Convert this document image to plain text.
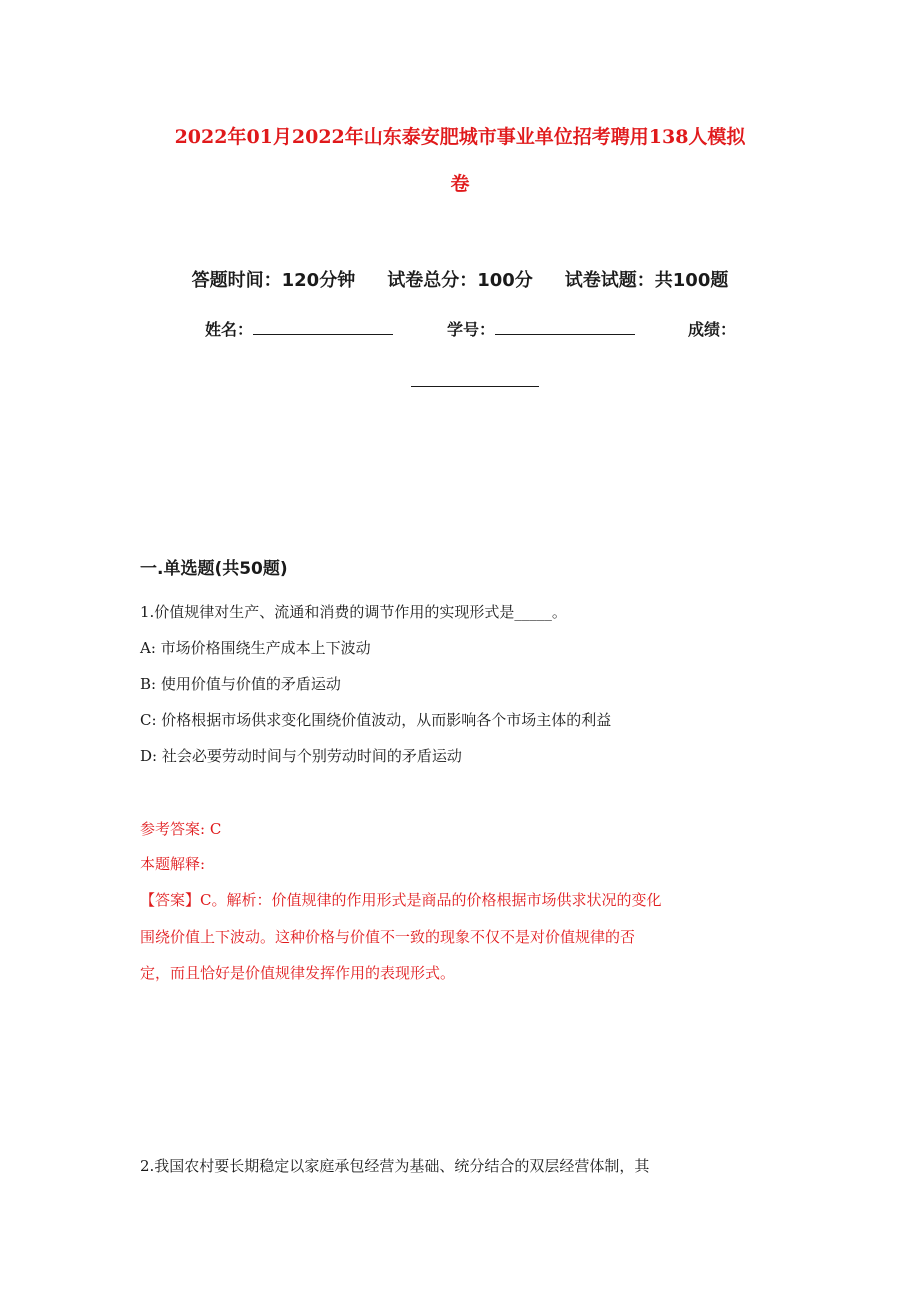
2022年01月2022年山东泰安肥城市事业单位招考聘用138人模拟
卷
答题时间：120分钟 试卷总分：100分 试卷试题：共100题
姓名：	学号：	成绩：
一.单选题(共50题)
1.价值规律对生产、流通和消费的调节作用的实现形式是_____。
A: 市场价格围绕生产成本上下波动
B: 使用价值与价值的矛盾运动
C: 价格根据市场供求变化围绕价值波动，从而影响各个市场主体的利益
D: 社会必要劳动时间与个别劳动时间的矛盾运动
参考答案: C
本题解释:
【答案】C。解析：价值规律的作用形式是商品的价格根据市场供求状况的变化
围绕价值上下波动。这种价格与价值不一致的现象不仅不是对价值规律的否
定，而且恰好是价值规律发挥作用的表现形式。
2.我国农村要长期稳定以家庭承包经营为基础、统分结合的双层经营体制，其
